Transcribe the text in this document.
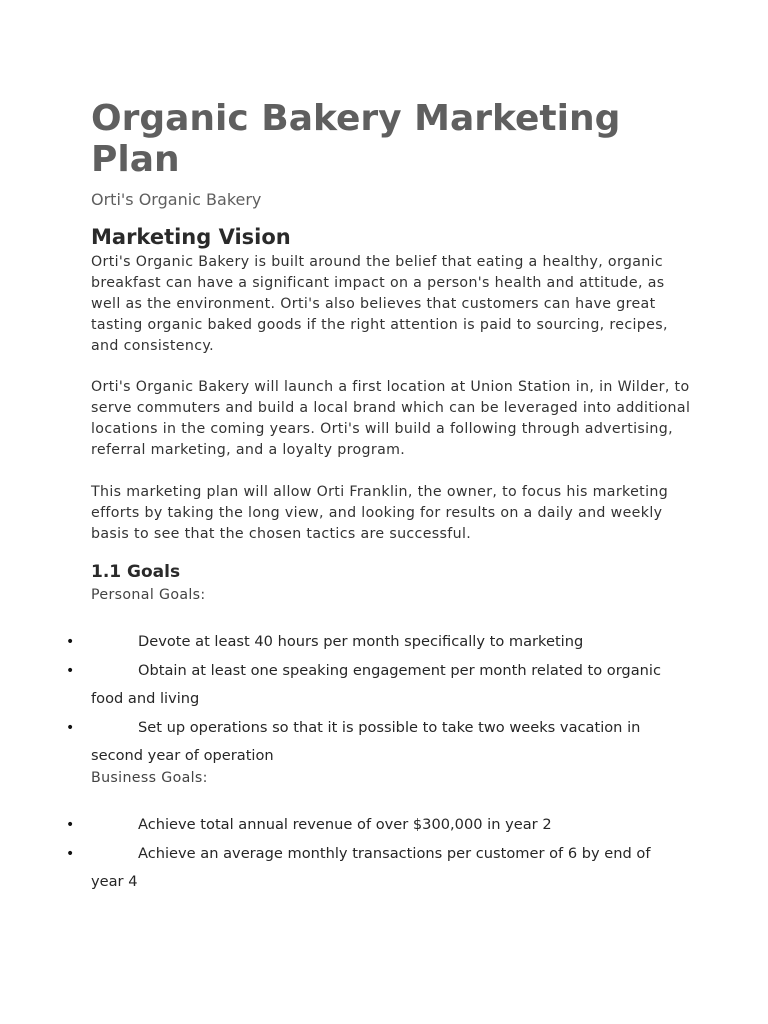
Organic Bakery Marketing Plan

Orti's Organic Bakery

Marketing Vision

Orti's Organic Bakery is built around the belief that eating a healthy, organic breakfast can have a significant impact on a person's health and attitude, as well as the environment. Orti's also believes that customers can have great tasting organic baked goods if the right attention is paid to sourcing, recipes, and consistency.

Orti's Organic Bakery will launch a first location at Union Station in, in Wilder, to serve commuters and build a local brand which can be leveraged into additional locations in the coming years. Orti's will build a following through advertising, referral marketing, and a loyalty program.

This marketing plan will allow Orti Franklin, the owner, to focus his marketing efforts by taking the long view, and looking for results on a daily and weekly basis to see that the chosen tactics are successful.

1.1 Goals

Personal Goals:

•	Devote at least 40 hours per month specifically to marketing
•	Obtain at least one speaking engagement per month related to organic food and living
•	Set up operations so that it is possible to take two weeks vacation in second year of operation

Business Goals:

•	Achieve total annual revenue of over $300,000 in year 2
•	Achieve an average monthly transactions per customer of 6 by end of year 4
